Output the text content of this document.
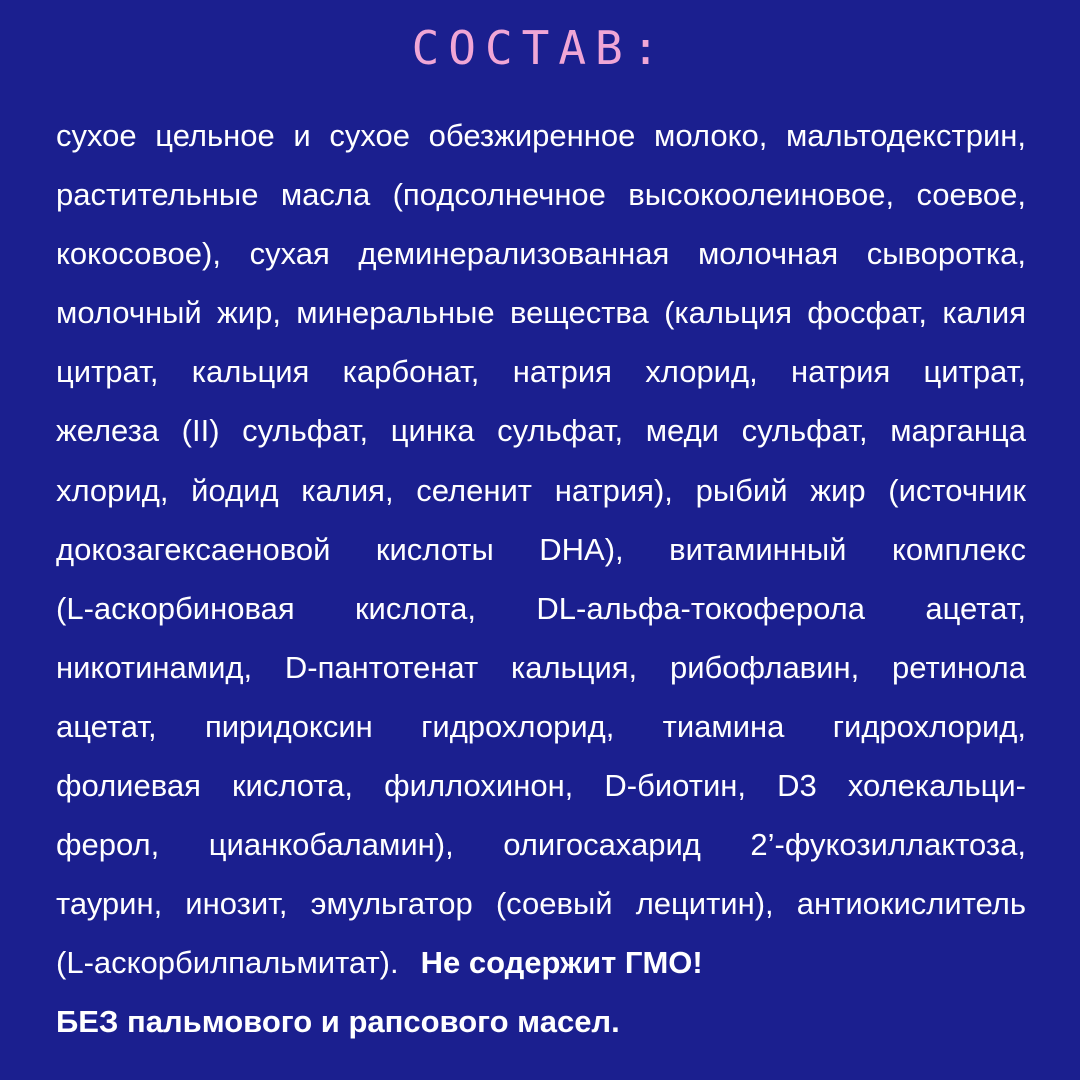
СОСТАВ:
сухое цельное и сухое обезжиренное молоко, мальтодекстрин,
растительные масла (подсолнечное высокоолеиновое, соевое,
кокосовое), сухая деминерализованная молочная сыворотка,
молочный жир, минеральные вещества (кальция фосфат, калия
цитрат, кальция карбонат, натрия хлорид, натрия цитрат,
железа (II) сульфат, цинка сульфат, меди сульфат, марганца
хлорид, йодид калия, селенит натрия), рыбий жир (источник
докозагексаеновой кислоты DHA), витаминный комплекс
(L-аскорбиновая кислота, DL-альфа-токоферола ацетат,
никотинамид, D-пантотенат кальция, рибофлавин, ретинола
ацетат, пиридоксин гидрохлорид, тиамина гидрохлорид,
фолиевая кислота, филлохинон, D-биотин, D3 холекальци-
ферол, цианкобаламин), олигосахарид 2’-фукозиллактоза,
таурин, инозит, эмульгатор (соевый лецитин), антиокислитель
(L-аскорбилпальмитат). Не содержит ГМО!
БЕЗ пальмового и рапсового масел.
